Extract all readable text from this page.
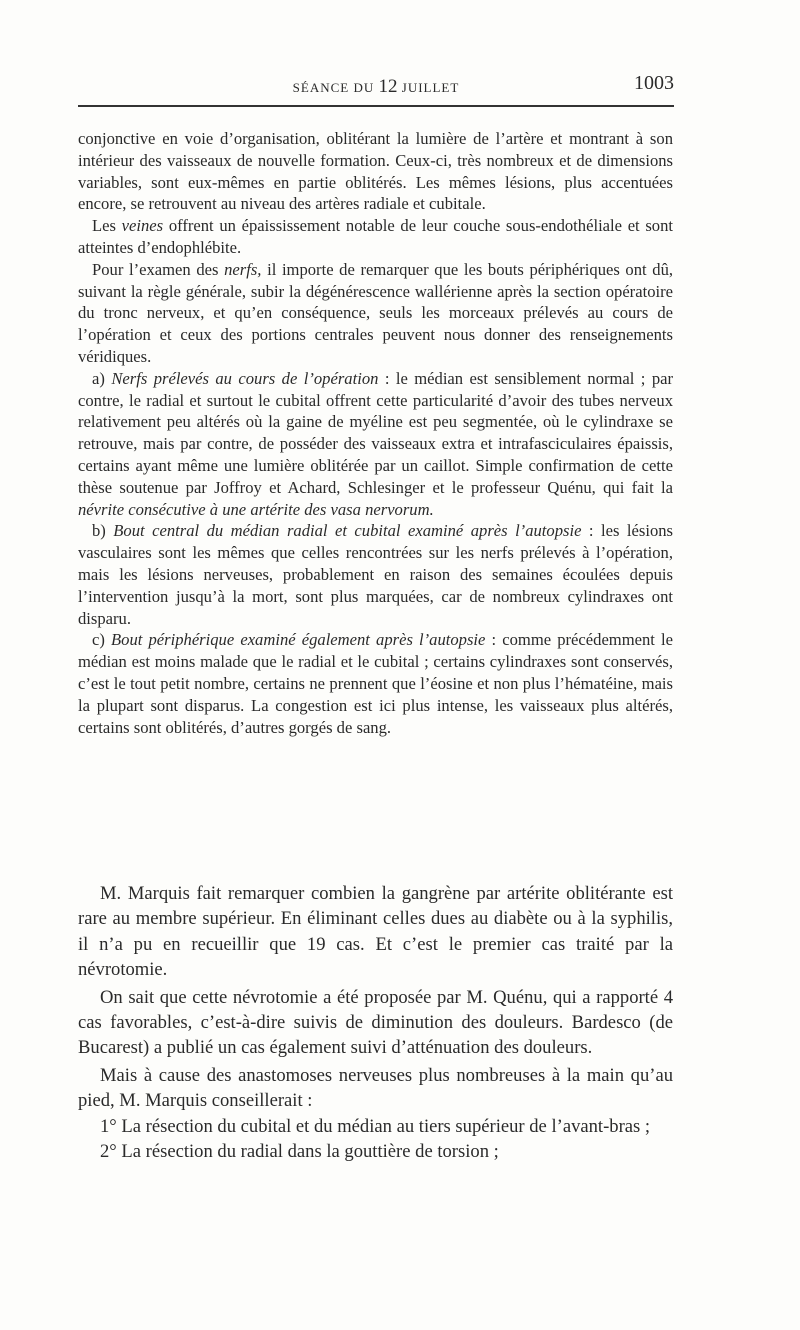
SÉANCE DU 12 JUILLET	1003

conjonctive en voie d’organisation, oblitérant la lumière de l’artère et montrant à son intérieur des vaisseaux de nouvelle formation. Ceux-ci, très nombreux et de dimensions variables, sont eux-mêmes en partie oblitérés. Les mêmes lésions, plus accentuées encore, se retrouvent au niveau des artères radiale et cubitale.

Les veines offrent un épaississement notable de leur couche sous-endothéliale et sont atteintes d’endophlébite.

Pour l’examen des nerfs, il importe de remarquer que les bouts périphériques ont dû, suivant la règle générale, subir la dégénérescence wallérienne après la section opératoire du tronc nerveux, et qu’en conséquence, seuls les morceaux prélevés au cours de l’opération et ceux des portions centrales peuvent nous donner des renseignements véridiques.

a) Nerfs prélevés au cours de l’opération : le médian est sensiblement normal ; par contre, le radial et surtout le cubital offrent cette particularité d’avoir des tubes nerveux relativement peu altérés où la gaine de myéline est peu segmentée, où le cylindraxe se retrouve, mais par contre, de posséder des vaisseaux extra et intrafasciculaires épaissis, certains ayant même une lumière oblitérée par un caillot. Simple confirmation de cette thèse soutenue par Joffroy et Achard, Schlesinger et le professeur Quénu, qui fait la névrite consécutive à une artérite des vasa nervorum.

b) Bout central du médian radial et cubital examiné après l’autopsie : les lésions vasculaires sont les mêmes que celles rencontrées sur les nerfs prélevés à l’opération, mais les lésions nerveuses, probablement en raison des semaines écoulées depuis l’intervention jusqu’à la mort, sont plus marquées, car de nombreux cylindraxes ont disparu.

c) Bout périphérique examiné également après l’autopsie : comme précédemment le médian est moins malade que le radial et le cubital ; certains cylindraxes sont conservés, c’est le tout petit nombre, certains ne prennent que l’éosine et non plus l’hématéine, mais la plupart sont disparus. La congestion est ici plus intense, les vaisseaux plus altérés, certains sont oblitérés, d’autres gorgés de sang.

M. Marquis fait remarquer combien la gangrène par artérite oblitérante est rare au membre supérieur. En éliminant celles dues au diabète ou à la syphilis, il n’a pu en recueillir que 19 cas. Et c’est le premier cas traité par la névrotomie.

On sait que cette névrotomie a été proposée par M. Quénu, qui a rapporté 4 cas favorables, c’est-à-dire suivis de diminution des douleurs. Bardesco (de Bucarest) a publié un cas également suivi d’atténuation des douleurs.

Mais à cause des anastomoses nerveuses plus nombreuses à la main qu’au pied, M. Marquis conseillerait :

1° La résection du cubital et du médian au tiers supérieur de l’avant-bras ;

2° La résection du radial dans la gouttière de torsion ;
